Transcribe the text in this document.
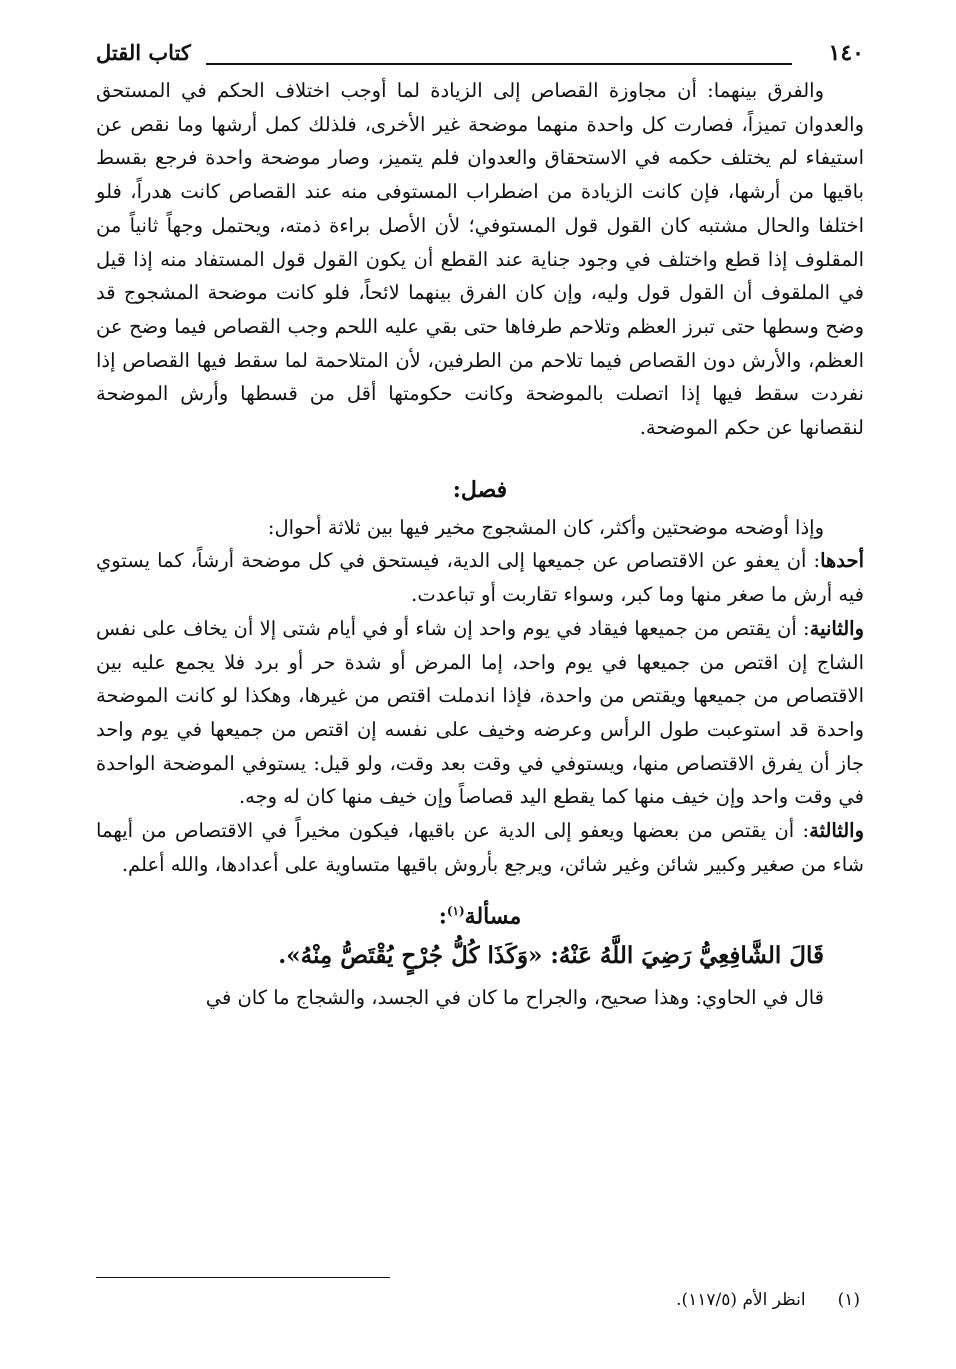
١٤٠
كتاب القتل

والفرق بينهما: أن مجاوزة القصاص إلى الزيادة لما أوجب اختلاف الحكم في المستحق والعدوان تميزاً، فصارت كل واحدة منهما موضحة غير الأخرى، فلذلك كمل أرشها وما نقص عن استيفاء لم يختلف حكمه في الاستحقاق والعدوان فلم يتميز، وصار موضحة واحدة فرجع بقسط باقيها من أرشها، فإن كانت الزيادة من اضطراب المستوفى منه عند القصاص كانت هدراً، فلو اختلفا والحال مشتبه كان القول قول المستوفي؛ لأن الأصل براءة ذمته، ويحتمل وجهاً ثانياً من المقلوف إذا قطع واختلف في وجود جناية عند القطع أن يكون القول قول المستفاد منه إذا قيل في الملقوف أن القول قول وليه، وإن كان الفرق بينهما لائحاً، فلو كانت موضحة المشجوج قد وضح وسطها حتى تبرز العظم وتلاحم طرفاها حتى بقي عليه اللحم وجب القصاص فيما وضح عن العظم، والأرش دون القصاص فيما تلاحم من الطرفين، لأن المتلاحمة لما سقط فيها القصاص إذا نفردت سقط فيها إذا اتصلت بالموضحة وكانت حكومتها أقل من قسطها وأرش الموضحة لنقصانها عن حكم الموضحة.

فصل:

وإذا أوضحه موضحتين وأكثر، كان المشجوج مخير فيها بين ثلاثة أحوال:

أحدها: أن يعفو عن الاقتصاص عن جميعها إلى الدية، فيستحق في كل موضحة أرشاً، كما يستوي فيه أرش ما صغر منها وما كبر، وسواء تقاربت أو تباعدت.

والثانية: أن يقتص من جميعها فيقاد في يوم واحد إن شاء أو في أيام شتى إلا أن يخاف على نفس الشاج إن اقتص من جميعها في يوم واحد، إما المرض أو شدة حر أو برد فلا يجمع عليه بين الاقتصاص من جميعها ويقتص من واحدة، فإذا اندملت اقتص من غيرها، وهكذا لو كانت الموضحة واحدة قد استوعبت طول الرأس وعرضه وخيف على نفسه إن اقتص من جميعها في يوم واحد جاز أن يفرق الاقتصاص منها، ويستوفي في وقت بعد وقت، ولو قيل: يستوفي الموضحة الواحدة في وقت واحد وإن خيف منها كما يقطع اليد قصاصاً وإن خيف منها كان له وجه.

والثالثة: أن يقتص من بعضها ويعفو إلى الدية عن باقيها، فيكون مخيراً في الاقتصاص من أيهما شاء من صغير وكبير شائن وغير شائن، ويرجع بأروش باقيها متساوية على أعدادها، والله أعلم.

مسألة$^{(١)}$:
قَالَ الشَّافِعِيُّ رَضِيَ اللَّهُ عَنْهُ: «وَكَذَا كُلُّ جُرْحٍ يُقْتَصُّ مِنْهُ».

قال في الحاوي: وهذا صحيح، والجراح ما كان في الجسد، والشجاج ما كان في

(١)انظر الأم (١١٧/٥).
